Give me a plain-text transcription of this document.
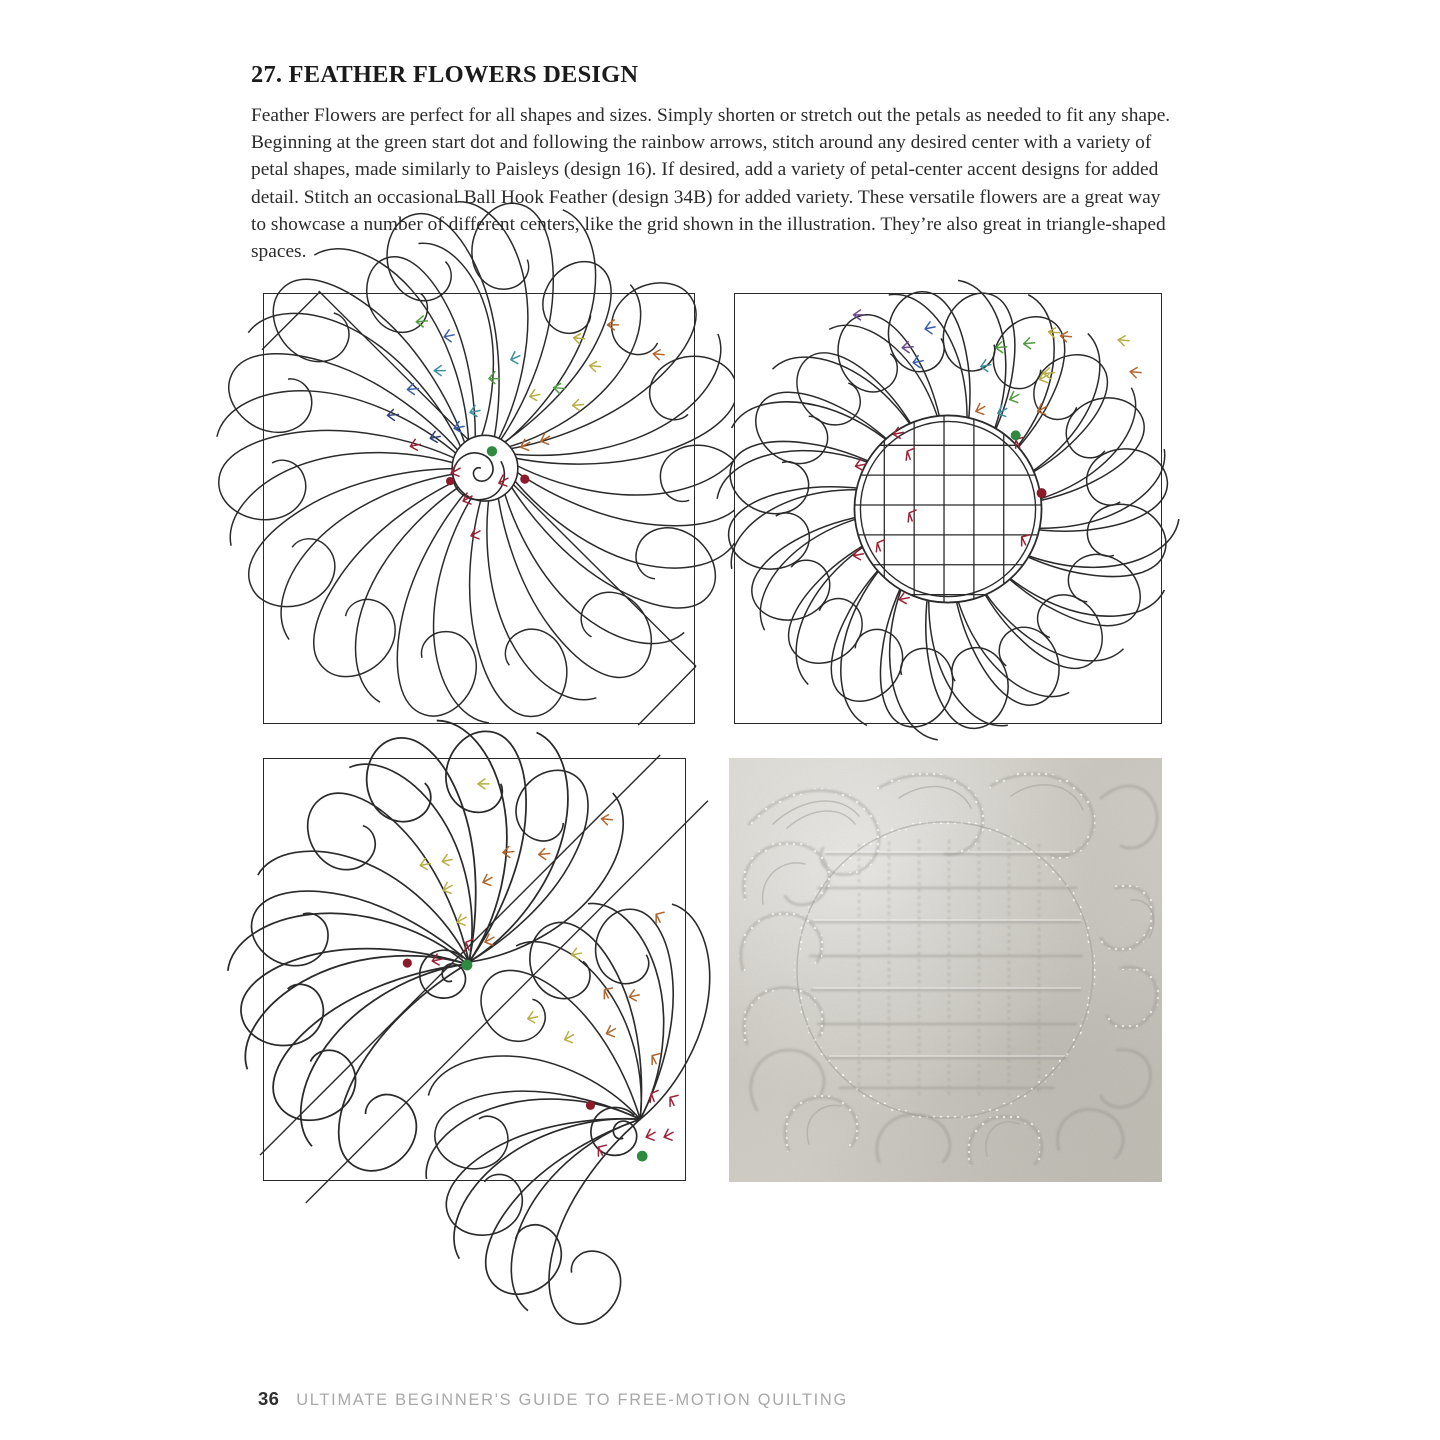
27. FEATHER FLOWERS DESIGN

Feather Flowers are perfect for all shapes and sizes. Simply shorten or stretch out the petals as needed to fit any shape. Beginning at the green start dot and following the rainbow arrows, stitch around any desired center with a variety of petal shapes, made similarly to Paisleys (design 16). If desired, add a variety of petal-center accent designs for added detail. Stitch an occasional Ball Hook Feather (design 34B) for added variety. These versatile flowers are a great way to showcase a number of different centers, like the grid shown in the illustration. They’re also great in triangle-shaped spaces.

36 ULTIMATE BEGINNER'S GUIDE TO FREE-MOTION QUILTING
